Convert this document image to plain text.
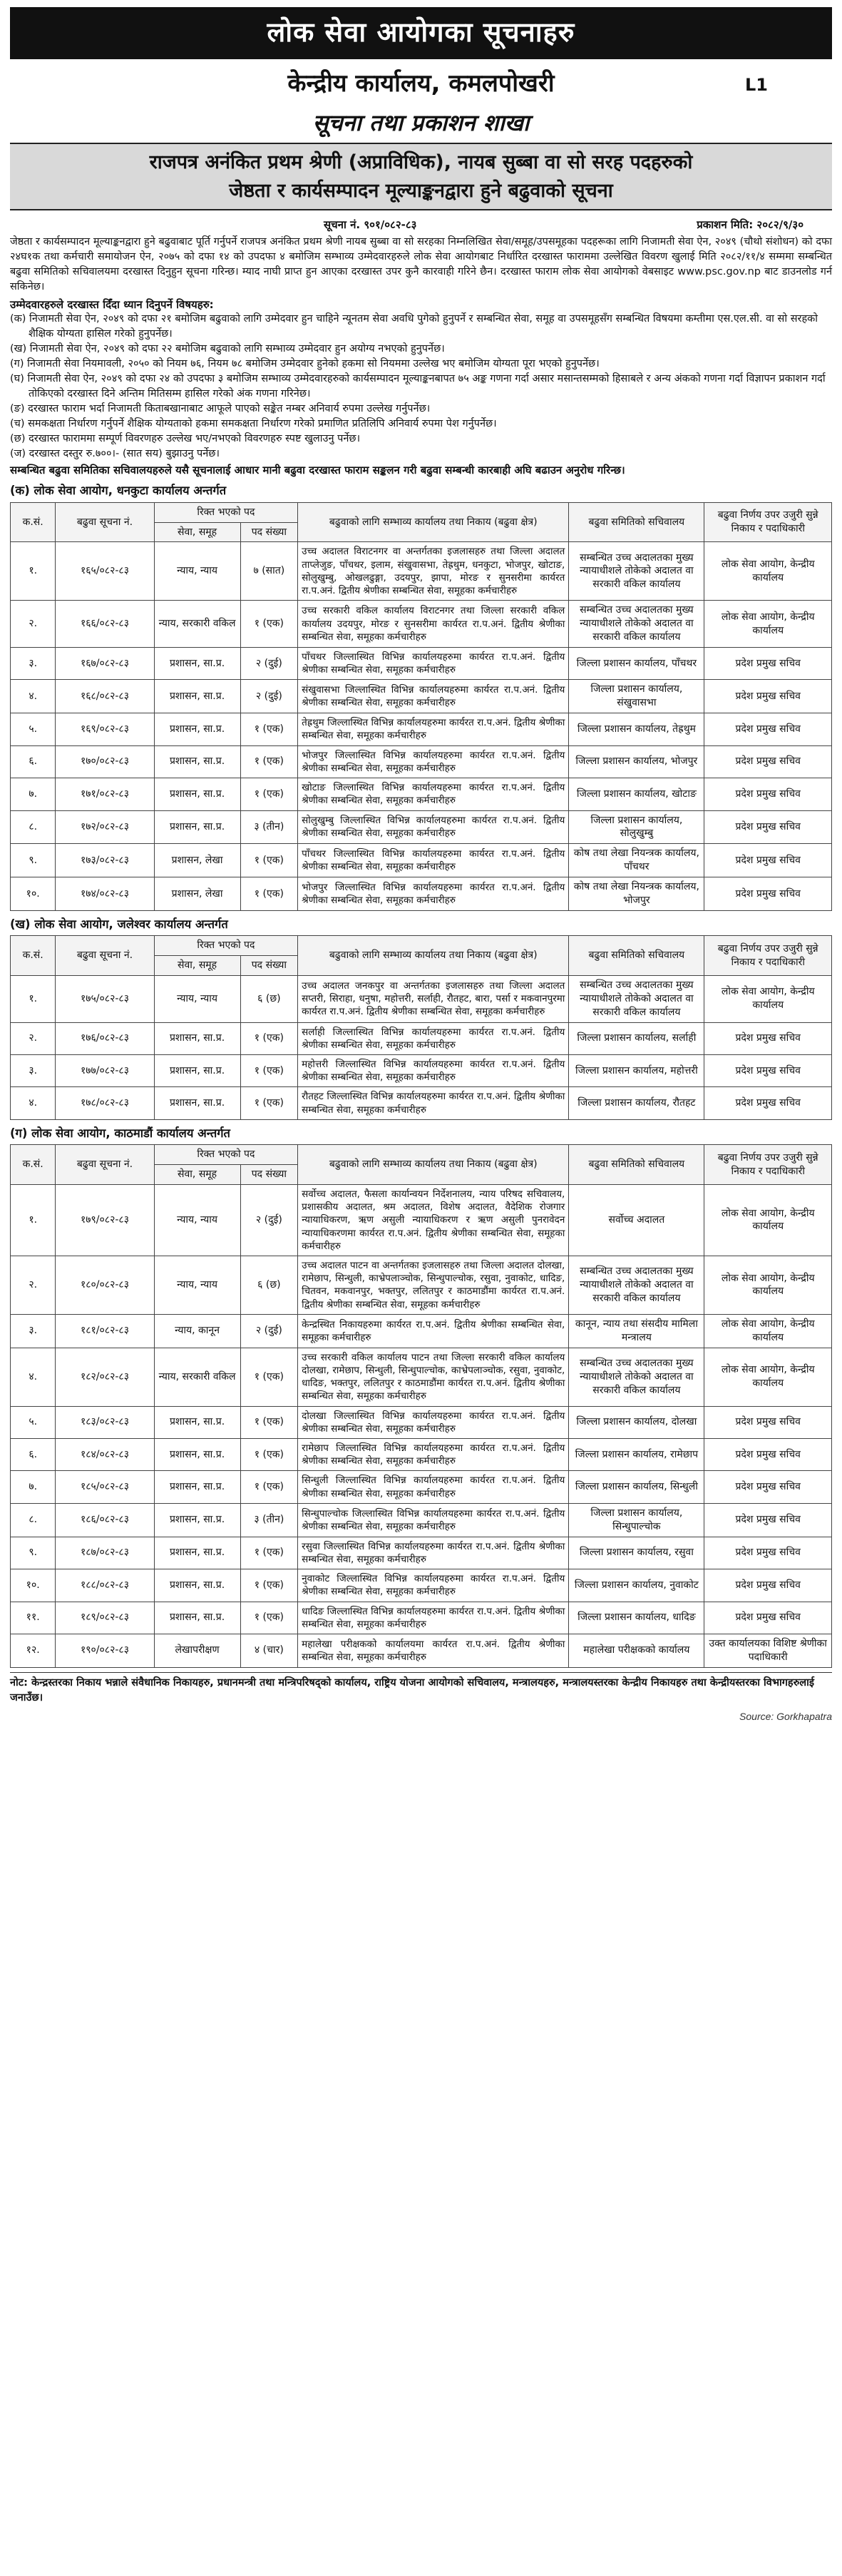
लोक सेवा आयोगका सूचनाहरु
केन्द्रीय कार्यालय, कमलपोखरी	L1
सूचना तथा प्रकाशन शाखा
राजपत्र अनंकित प्रथम श्रेणी (अप्राविधिक), नायब सुब्बा वा सो सरह पदहरुको
जेष्ठता र कार्यसम्पादन मूल्याङ्कनद्वारा हुने बढुवाको सूचना
सूचना नं. ९०१/०८२-८३	प्रकाशन मिति: २०८२/९/३०

जेष्ठता र कार्यसम्पादन मूल्याङ्कनद्वारा हुने बढुवाबाट पूर्ति गर्नुपर्ने राजपत्र अनंकित प्रथम श्रेणी नायब सुब्बा वा सो सरहका निम्नलिखित सेवा/समूह/उपसमूहका पदहरूका लागि निजामती सेवा ऐन, २०४९ (चौथो संशोधन) को दफा २४घ१क तथा कर्मचारी समायोजन ऐन, २०७५ को दफा १४ को उपदफा ४ बमोजिम सम्भाव्य उम्मेदवारहरुले लोक सेवा आयोगबाट निर्धारित दरखास्त फाराममा उल्लेखित विवरण खुलाई मिति २०८२/११/४ सम्ममा सम्बन्धित बढुवा समितिको सचिवालयमा दरखास्त दिनुहुन सूचना गरिन्छ। म्याद नाघी प्राप्त हुन आएका दरखास्त उपर कुनै कारवाही गरिने छैन। दरखास्त फाराम लोक सेवा आयोगको वेबसाइट www.psc.gov.np बाट डाउनलोड गर्न सकिनेछ।

उम्मेदवारहरुले दरखास्त दिँदा ध्यान दिनुपर्ने विषयहरु:
(क) निजामती सेवा ऐन, २०४९ को दफा २१ बमोजिम बढुवाको लागि उम्मेदवार हुन चाहिने न्यूनतम सेवा अवधि पुगेको हुनुपर्ने र सम्बन्धित सेवा, समूह वा उपसमूहसँग सम्बन्धित विषयमा कम्तीमा एस.एल.सी. वा सो सरहको शैक्षिक योग्यता हासिल गरेको हुनुपर्नेछ।
(ख) निजामती सेवा ऐन, २०४९ को दफा २२ बमोजिम बढुवाको लागि सम्भाव्य उम्मेदवार हुन अयोग्य नभएको हुनुपर्नेछ।
(ग) निजामती सेवा नियमावली, २०५० को नियम ७६, नियम ७८ बमोजिम उम्मेदवार हुनेको हकमा सो नियममा उल्लेख भए बमोजिम योग्यता पूरा भएको हुनुपर्नेछ।
(घ) निजामती सेवा ऐन, २०४९ को दफा २४ को उपदफा ३ बमोजिम सम्भाव्य उम्मेदवारहरुको कार्यसम्पादन मूल्याङ्कनबापत ७५ अङ्क गणना गर्दा असार मसान्तसम्मको हिसाबले र अन्य अंकको गणना गर्दा विज्ञापन प्रकाशन गर्दा तोकिएको दरखास्त दिने अन्तिम मितिसम्म हासिल गरेको अंक गणना गरिनेछ।
(ङ) दरखास्त फाराम भर्दा निजामती किताबखानाबाट आफूले पाएको सङ्केत नम्बर अनिवार्य रुपमा उल्लेख गर्नुपर्नेछ।
(च) समकक्षता निर्धारण गर्नुपर्ने शैक्षिक योग्यताको हकमा समकक्षता निर्धारण गरेको प्रमाणित प्रतिलिपि अनिवार्य रुपमा पेश गर्नुपर्नेछ।
(छ) दरखास्त फाराममा सम्पूर्ण विवरणहरु उल्लेख भए/नभएको विवरणहरु स्पष्ट खुलाउनु पर्नेछ।
(ज) दरखास्त दस्तुर रु.७००।- (सात सय) बुझाउनु पर्नेछ।
सम्बन्धित बढुवा समितिका सचिवालयहरुले यसै सूचनालाई आधार मानी बढुवा दरखास्त फाराम सङ्कलन गरी बढुवा सम्बन्धी कारबाही अघि बढाउन अनुरोध गरिन्छ।
(क) लोक सेवा आयोग, धनकुटा कार्यालय अन्तर्गत
क.सं.	बढुवा सूचना नं.	रिक्त भएको पद		बढुवाको लागि सम्भाव्य कार्यालय तथा निकाय (बढुवा क्षेत्र)	बढुवा समितिको सचिवालय	बढुवा निर्णय उपर उजुरी सुन्ने निकाय र पदाधिकारी
		सेवा, समूह	पद संख्या			
१.	१६५/०८२-८३	न्याय, न्याय	७ (सात)	उच्च अदालत विराटनगर वा अन्तर्गतका इजलासहरु तथा जिल्ला अदालत ताप्लेजुङ, पाँचथर, इलाम, संखुवासभा, तेह्रथुम, धनकुटा, भोजपुर, खोटाङ, सोलुखुम्बु, ओखलढुङ्गा, उदयपुर, झापा, मोरङ र सुनसरीमा कार्यरत रा.प.अनं. द्वितीय श्रेणीका सम्बन्धित सेवा, समूहका कर्मचारीहरु	सम्बन्धित उच्च अदालतका मुख्य न्यायाधीशले तोकेको अदालत वा सरकारी वकिल कार्यालय	लोक सेवा आयोग, केन्द्रीय कार्यालय
२.	१६६/०८२-८३	न्याय, सरकारी वकिल	१ (एक)	उच्च सरकारी वकिल कार्यालय विराटनगर तथा जिल्ला सरकारी वकिल कार्यालय उदयपुर, मोरङ र सुनसरीमा कार्यरत रा.प.अनं. द्वितीय श्रेणीका सम्बन्धित सेवा, समूहका कर्मचारीहरु	सम्बन्धित उच्च अदालतका मुख्य न्यायाधीशले तोकेको अदालत वा सरकारी वकिल कार्यालय	लोक सेवा आयोग, केन्द्रीय कार्यालय
३.	१६७/०८२-८३	प्रशासन, सा.प्र.	२ (दुई)	पाँचथर जिल्लास्थित विभिन्न कार्यालयहरुमा कार्यरत रा.प.अनं. द्वितीय श्रेणीका सम्बन्धित सेवा, समूहका कर्मचारीहरु	जिल्ला प्रशासन कार्यालय, पाँचथर	प्रदेश प्रमुख सचिव
४.	१६८/०८२-८३	प्रशासन, सा.प्र.	२ (दुई)	संखुवासभा जिल्लास्थित विभिन्न कार्यालयहरुमा कार्यरत रा.प.अनं. द्वितीय श्रेणीका सम्बन्धित सेवा, समूहका कर्मचारीहरु	जिल्ला प्रशासन कार्यालय, संखुवासभा	प्रदेश प्रमुख सचिव
५.	१६९/०८२-८३	प्रशासन, सा.प्र.	१ (एक)	तेह्रथुम जिल्लास्थित विभिन्न कार्यालयहरुमा कार्यरत रा.प.अनं. द्वितीय श्रेणीका सम्बन्धित सेवा, समूहका कर्मचारीहरु	जिल्ला प्रशासन कार्यालय, तेह्रथुम	प्रदेश प्रमुख सचिव
६.	१७०/०८२-८३	प्रशासन, सा.प्र.	१ (एक)	भोजपुर जिल्लास्थित विभिन्न कार्यालयहरुमा कार्यरत रा.प.अनं. द्वितीय श्रेणीका सम्बन्धित सेवा, समूहका कर्मचारीहरु	जिल्ला प्रशासन कार्यालय, भोजपुर	प्रदेश प्रमुख सचिव
७.	१७१/०८२-८३	प्रशासन, सा.प्र.	१ (एक)	खोटाङ जिल्लास्थित विभिन्न कार्यालयहरुमा कार्यरत रा.प.अनं. द्वितीय श्रेणीका सम्बन्धित सेवा, समूहका कर्मचारीहरु	जिल्ला प्रशासन कार्यालय, खोटाङ	प्रदेश प्रमुख सचिव
८.	१७२/०८२-८३	प्रशासन, सा.प्र.	३ (तीन)	सोलुखुम्बु जिल्लास्थित विभिन्न कार्यालयहरुमा कार्यरत रा.प.अनं. द्वितीय श्रेणीका सम्बन्धित सेवा, समूहका कर्मचारीहरु	जिल्ला प्रशासन कार्यालय, सोलुखुम्बु	प्रदेश प्रमुख सचिव
९.	१७३/०८२-८३	प्रशासन, लेखा	१ (एक)	पाँचथर जिल्लास्थित विभिन्न कार्यालयहरुमा कार्यरत रा.प.अनं. द्वितीय श्रेणीका सम्बन्धित सेवा, समूहका कर्मचारीहरु	कोष तथा लेखा नियन्त्रक कार्यालय, पाँचथर	प्रदेश प्रमुख सचिव
१०.	१७४/०८२-८३	प्रशासन, लेखा	१ (एक)	भोजपुर जिल्लास्थित विभिन्न कार्यालयहरुमा कार्यरत रा.प.अनं. द्वितीय श्रेणीका सम्बन्धित सेवा, समूहका कर्मचारीहरु	कोष तथा लेखा नियन्त्रक कार्यालय, भोजपुर	प्रदेश प्रमुख सचिव
(ख) लोक सेवा आयोग, जलेश्वर कार्यालय अन्तर्गत
क.सं.	बढुवा सूचना नं.	रिक्त भएको पद		बढुवाको लागि सम्भाव्य कार्यालय तथा निकाय (बढुवा क्षेत्र)	बढुवा समितिको सचिवालय	बढुवा निर्णय उपर उजुरी सुन्ने निकाय र पदाधिकारी
		सेवा, समूह	पद संख्या			
१.	१७५/०८२-८३	न्याय, न्याय	६ (छ)	उच्च अदालत जनकपुर वा अन्तर्गतका इजलासहरु तथा जिल्ला अदालत सप्तरी, सिराहा, धनुषा, महोत्तरी, सर्लाही, रौतहट, बारा, पर्सा र मकवानपुरमा कार्यरत रा.प.अनं. द्वितीय श्रेणीका सम्बन्धित सेवा, समूहका कर्मचारीहरु	सम्बन्धित उच्च अदालतका मुख्य न्यायाधीशले तोकेको अदालत वा सरकारी वकिल कार्यालय	लोक सेवा आयोग, केन्द्रीय कार्यालय
२.	१७६/०८२-८३	प्रशासन, सा.प्र.	१ (एक)	सर्लाही जिल्लास्थित विभिन्न कार्यालयहरुमा कार्यरत रा.प.अनं. द्वितीय श्रेणीका सम्बन्धित सेवा, समूहका कर्मचारीहरु	जिल्ला प्रशासन कार्यालय, सर्लाही	प्रदेश प्रमुख सचिव
३.	१७७/०८२-८३	प्रशासन, सा.प्र.	१ (एक)	महोत्तरी जिल्लास्थित विभिन्न कार्यालयहरुमा कार्यरत रा.प.अनं. द्वितीय श्रेणीका सम्बन्धित सेवा, समूहका कर्मचारीहरु	जिल्ला प्रशासन कार्यालय, महोत्तरी	प्रदेश प्रमुख सचिव
४.	१७८/०८२-८३	प्रशासन, सा.प्र.	१ (एक)	रौतहट जिल्लास्थित विभिन्न कार्यालयहरुमा कार्यरत रा.प.अनं. द्वितीय श्रेणीका सम्बन्धित सेवा, समूहका कर्मचारीहरु	जिल्ला प्रशासन कार्यालय, रौतहट	प्रदेश प्रमुख सचिव
(ग) लोक सेवा आयोग, काठमाडौं कार्यालय अन्तर्गत
क.सं.	बढुवा सूचना नं.	रिक्त भएको पद		बढुवाको लागि सम्भाव्य कार्यालय तथा निकाय (बढुवा क्षेत्र)	बढुवा समितिको सचिवालय	बढुवा निर्णय उपर उजुरी सुन्ने निकाय र पदाधिकारी
		सेवा, समूह	पद संख्या			
१.	१७९/०८२-८३	न्याय, न्याय	२ (दुई)	सर्वोच्च अदालत, फैसला कार्यान्वयन निर्देशनालय, न्याय परिषद सचिवालय, प्रशासकीय अदालत, श्रम अदालत, विशेष अदालत, वैदेशिक रोजगार न्यायाधिकरण, ऋण असुली न्यायाधिकरण र ऋण असुली पुनरावेदन न्यायाधिकरणमा कार्यरत रा.प.अनं. द्वितीय श्रेणीका सम्बन्धित सेवा, समूहका कर्मचारीहरु	सर्वोच्च अदालत	लोक सेवा आयोग, केन्द्रीय कार्यालय
२.	१८०/०८२-८३	न्याय, न्याय	६ (छ)	उच्च अदालत पाटन वा अन्तर्गतका इजलासहरु तथा जिल्ला अदालत दोलखा, रामेछाप, सिन्धुली, काभ्रेपलाञ्चोक, सिन्धुपाल्चोक, रसुवा, नुवाकोट, धादिङ, चितवन, मकवानपुर, भक्तपुर, ललितपुर र काठमाडौंमा कार्यरत रा.प.अनं. द्वितीय श्रेणीका सम्बन्धित सेवा, समूहका कर्मचारीहरु	सम्बन्धित उच्च अदालतका मुख्य न्यायाधीशले तोकेको अदालत वा सरकारी वकिल कार्यालय	लोक सेवा आयोग, केन्द्रीय कार्यालय
३.	१८१/०८२-८३	न्याय, कानून	२ (दुई)	केन्द्रस्थित निकायहरुमा कार्यरत रा.प.अनं. द्वितीय श्रेणीका सम्बन्धित सेवा, समूहका कर्मचारीहरु	कानून, न्याय तथा संसदीय मामिला मन्त्रालय	लोक सेवा आयोग, केन्द्रीय कार्यालय
४.	१८२/०८२-८३	न्याय, सरकारी वकिल	१ (एक)	उच्च सरकारी वकिल कार्यालय पाटन तथा जिल्ला सरकारी वकिल कार्यालय दोलखा, रामेछाप, सिन्धुली, सिन्धुपाल्चोक, काभ्रेपलाञ्चोक, रसुवा, नुवाकोट, धादिङ, भक्तपुर, ललितपुर र काठमाडौंमा कार्यरत रा.प.अनं. द्वितीय श्रेणीका सम्बन्धित सेवा, समूहका कर्मचारीहरु	सम्बन्धित उच्च अदालतका मुख्य न्यायाधीशले तोकेको अदालत वा सरकारी वकिल कार्यालय	लोक सेवा आयोग, केन्द्रीय कार्यालय
५.	१८३/०८२-८३	प्रशासन, सा.प्र.	१ (एक)	दोलखा जिल्लास्थित विभिन्न कार्यालयहरुमा कार्यरत रा.प.अनं. द्वितीय श्रेणीका सम्बन्धित सेवा, समूहका कर्मचारीहरु	जिल्ला प्रशासन कार्यालय, दोलखा	प्रदेश प्रमुख सचिव
६.	१८४/०८२-८३	प्रशासन, सा.प्र.	१ (एक)	रामेछाप जिल्लास्थित विभिन्न कार्यालयहरुमा कार्यरत रा.प.अनं. द्वितीय श्रेणीका सम्बन्धित सेवा, समूहका कर्मचारीहरु	जिल्ला प्रशासन कार्यालय, रामेछाप	प्रदेश प्रमुख सचिव
७.	१८५/०८२-८३	प्रशासन, सा.प्र.	१ (एक)	सिन्धुली जिल्लास्थित विभिन्न कार्यालयहरुमा कार्यरत रा.प.अनं. द्वितीय श्रेणीका सम्बन्धित सेवा, समूहका कर्मचारीहरु	जिल्ला प्रशासन कार्यालय, सिन्धुली	प्रदेश प्रमुख सचिव
८.	१८६/०८२-८३	प्रशासन, सा.प्र.	३ (तीन)	सिन्धुपाल्चोक जिल्लास्थित विभिन्न कार्यालयहरुमा कार्यरत रा.प.अनं. द्वितीय श्रेणीका सम्बन्धित सेवा, समूहका कर्मचारीहरु	जिल्ला प्रशासन कार्यालय, सिन्धुपाल्चोक	प्रदेश प्रमुख सचिव
९.	१८७/०८२-८३	प्रशासन, सा.प्र.	१ (एक)	रसुवा जिल्लास्थित विभिन्न कार्यालयहरुमा कार्यरत रा.प.अनं. द्वितीय श्रेणीका सम्बन्धित सेवा, समूहका कर्मचारीहरु	जिल्ला प्रशासन कार्यालय, रसुवा	प्रदेश प्रमुख सचिव
१०.	१८८/०८२-८३	प्रशासन, सा.प्र.	१ (एक)	नुवाकोट जिल्लास्थित विभिन्न कार्यालयहरुमा कार्यरत रा.प.अनं. द्वितीय श्रेणीका सम्बन्धित सेवा, समूहका कर्मचारीहरु	जिल्ला प्रशासन कार्यालय, नुवाकोट	प्रदेश प्रमुख सचिव
११.	१८९/०८२-८३	प्रशासन, सा.प्र.	१ (एक)	धादिङ जिल्लास्थित विभिन्न कार्यालयहरुमा कार्यरत रा.प.अनं. द्वितीय श्रेणीका सम्बन्धित सेवा, समूहका कर्मचारीहरु	जिल्ला प्रशासन कार्यालय, धादिङ	प्रदेश प्रमुख सचिव
१२.	१९०/०८२-८३	लेखापरीक्षण	४ (चार)	महालेखा परीक्षकको कार्यालयमा कार्यरत रा.प.अनं. द्वितीय श्रेणीका सम्बन्धित सेवा, समूहका कर्मचारीहरु	महालेखा परीक्षकको कार्यालय	उक्त कार्यालयका विशिष्ट श्रेणीका पदाधिकारी
नोट: केन्द्रस्तरका निकाय भन्नाले संवैधानिक निकायहरु, प्रधानमन्त्री तथा मन्त्रिपरिषद्को कार्यालय, राष्ट्रिय योजना आयोगको सचिवालय, मन्त्रालयहरु, मन्त्रालयस्तरका केन्द्रीय निकायहरु तथा केन्द्रीयस्तरका विभागहरुलाई जनाउँछ।
Source: Gorkhapatra
